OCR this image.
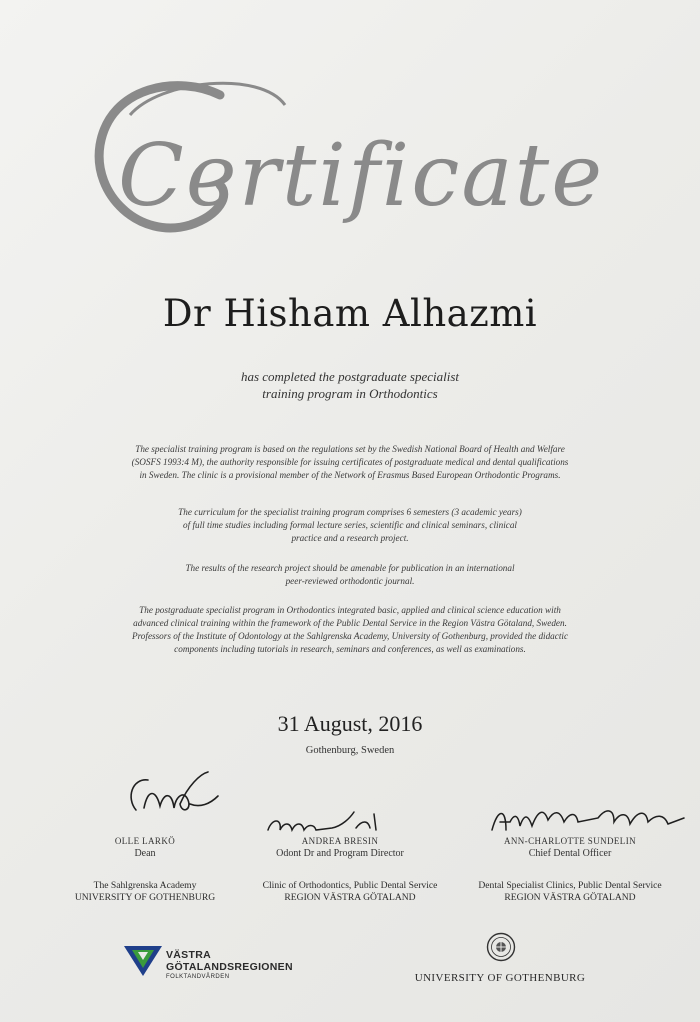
Certificate
Dr Hisham Alhazmi
has completed the postgraduate specialist
training program in Orthodontics
The specialist training program is based on the regulations set by the Swedish National Board of Health and Welfare
(SOSFS 1993:4 M), the authority responsible for issuing certificates of postgraduate medical and dental qualifications
in Sweden. The clinic is a provisional member of the Network of Erasmus Based European Orthodontic Programs.
The curriculum for the specialist training program comprises 6 semesters (3 academic years)
of full time studies including formal lecture series, scientific and clinical seminars, clinical
practice and a research project.
The results of the research project should be amenable for publication in an international
peer-reviewed orthodontic journal.
The postgraduate specialist program in Orthodontics integrated basic, applied and clinical science education with
advanced clinical training within the framework of the Public Dental Service in the Region Västra Götaland, Sweden.
Professors of the Institute of Odontology at the Sahlgrenska Academy, University of Gothenburg, provided the didactic
components including tutorials in research, seminars and conferences, as well as examinations.
31 August, 2016
Gothenburg, Sweden
OLLE LARKÖ
Dean
ANDREA BRESIN
Odont Dr and Program Director
ANN-CHARLOTTE SUNDELIN
Chief Dental Officer
The Sahlgrenska Academy
UNIVERSITY OF GOTHENBURG
Clinic of Orthodontics, Public Dental Service
REGION VÄSTRA GÖTALAND
Dental Specialist Clinics, Public Dental Service
REGION VÄSTRA GÖTALAND
VÄSTRA
GÖTALANDSREGIONEN
FOLKTANDVÅRDEN	UNIVERSITY OF GOTHENBURG
